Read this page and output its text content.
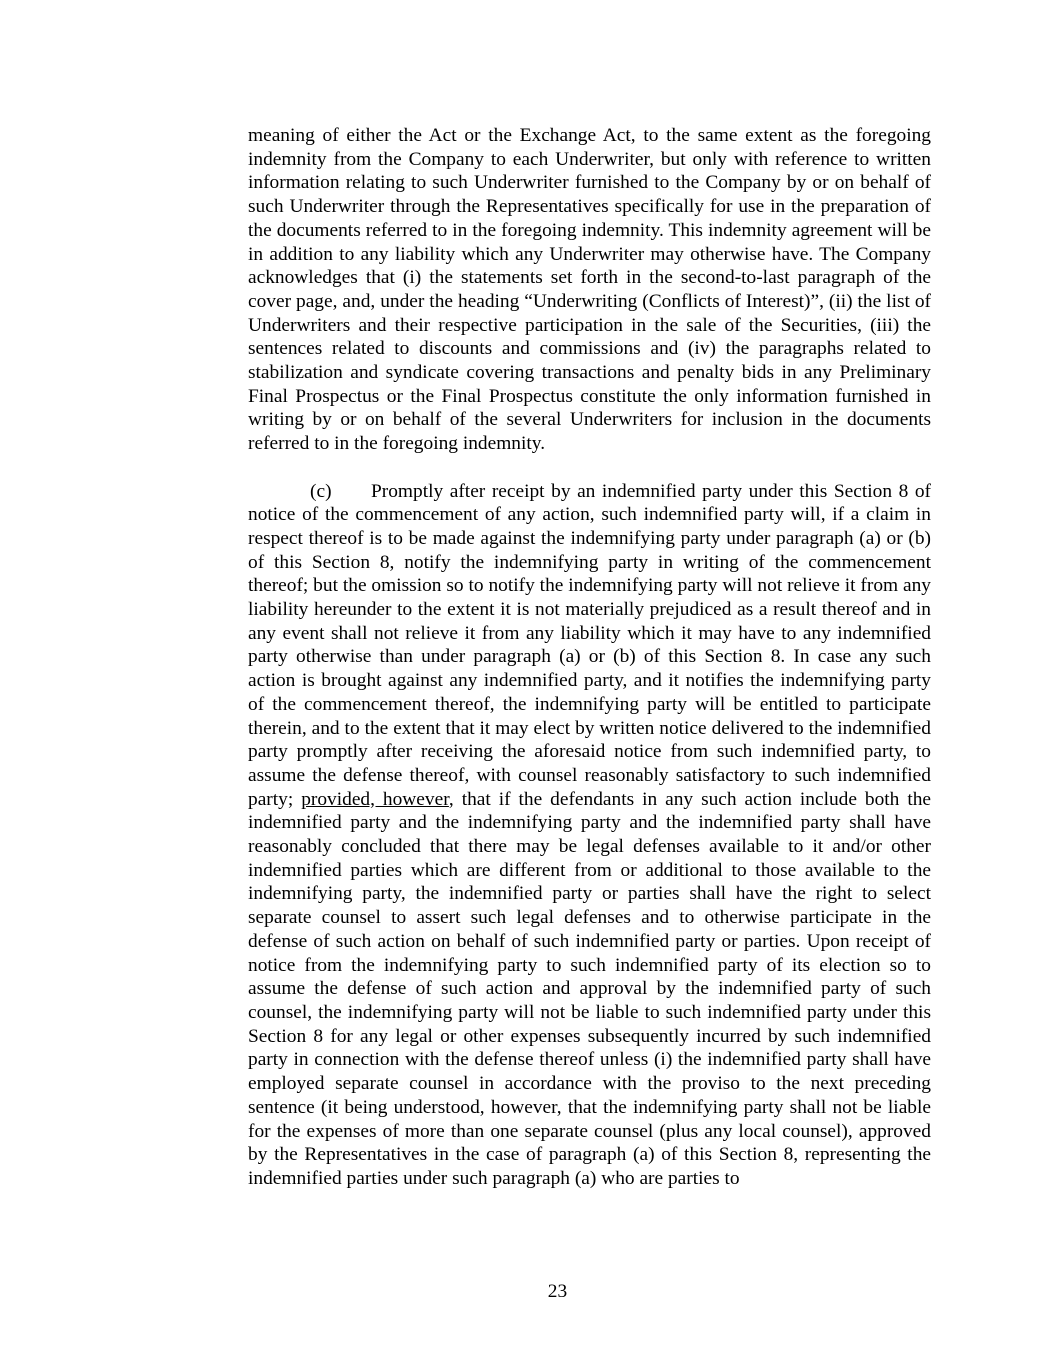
meaning of either the Act or the Exchange Act, to the same extent as the foregoing indemnity from the Company to each Underwriter, but only with reference to written information relating to such Underwriter furnished to the Company by or on behalf of such Underwriter through the Representatives specifically for use in the preparation of the documents referred to in the foregoing indemnity. This indemnity agreement will be in addition to any liability which any Underwriter may otherwise have. The Company acknowledges that (i) the statements set forth in the second-to-last paragraph of the cover page, and, under the heading “Underwriting (Conflicts of Interest)”, (ii) the list of Underwriters and their respective participation in the sale of the Securities, (iii) the sentences related to discounts and commissions and (iv) the paragraphs related to stabilization and syndicate covering transactions and penalty bids in any Preliminary Final Prospectus or the Final Prospectus constitute the only information furnished in writing by or on behalf of the several Underwriters for inclusion in the documents referred to in the foregoing indemnity.

(c) Promptly after receipt by an indemnified party under this Section 8 of notice of the commencement of any action, such indemnified party will, if a claim in respect thereof is to be made against the indemnifying party under paragraph (a) or (b) of this Section 8, notify the indemnifying party in writing of the commencement thereof; but the omission so to notify the indemnifying party will not relieve it from any liability hereunder to the extent it is not materially prejudiced as a result thereof and in any event shall not relieve it from any liability which it may have to any indemnified party otherwise than under paragraph (a) or (b) of this Section 8. In case any such action is brought against any indemnified party, and it notifies the indemnifying party of the commencement thereof, the indemnifying party will be entitled to participate therein, and to the extent that it may elect by written notice delivered to the indemnified party promptly after receiving the aforesaid notice from such indemnified party, to assume the defense thereof, with counsel reasonably satisfactory to such indemnified party; provided, however, that if the defendants in any such action include both the indemnified party and the indemnifying party and the indemnified party shall have reasonably concluded that there may be legal defenses available to it and/or other indemnified parties which are different from or additional to those available to the indemnifying party, the indemnified party or parties shall have the right to select separate counsel to assert such legal defenses and to otherwise participate in the defense of such action on behalf of such indemnified party or parties. Upon receipt of notice from the indemnifying party to such indemnified party of its election so to assume the defense of such action and approval by the indemnified party of such counsel, the indemnifying party will not be liable to such indemnified party under this Section 8 for any legal or other expenses subsequently incurred by such indemnified party in connection with the defense thereof unless (i) the indemnified party shall have employed separate counsel in accordance with the proviso to the next preceding sentence (it being understood, however, that the indemnifying party shall not be liable for the expenses of more than one separate counsel (plus any local counsel), approved by the Representatives in the case of paragraph (a) of this Section 8, representing the indemnified parties under such paragraph (a) who are parties to

23
